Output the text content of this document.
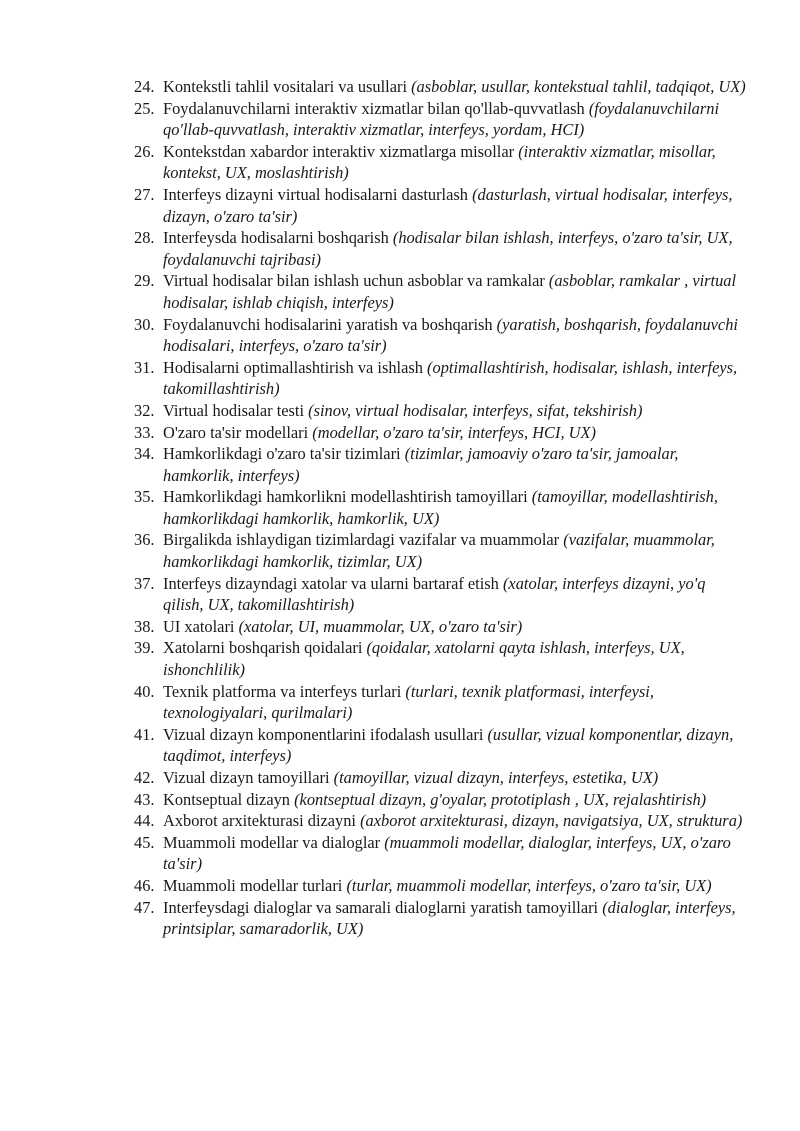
24. Kontekstli tahlil vositalari va usullari (asboblar, usullar, kontekstual tahlil, tadqiqot, UX)
25. Foydalanuvchilarni interaktiv xizmatlar bilan qo'llab-quvvatlash (foydalanuvchilarni qo'llab-quvvatlash, interaktiv xizmatlar, interfeys, yordam, HCI)
26. Kontekstdan xabardor interaktiv xizmatlarga misollar (interaktiv xizmatlar, misollar, kontekst, UX, moslashtirish)
27. Interfeys dizayni virtual hodisalarni dasturlash (dasturlash, virtual hodisalar, interfeys, dizayn, o'zaro ta'sir)
28. Interfeysda hodisalarni boshqarish (hodisalar bilan ishlash, interfeys, o'zaro ta'sir, UX, foydalanuvchi tajribasi)
29. Virtual hodisalar bilan ishlash uchun asboblar va ramkalar (asboblar, ramkalar , virtual hodisalar, ishlab chiqish, interfeys)
30. Foydalanuvchi hodisalarini yaratish va boshqarish (yaratish, boshqarish, foydalanuvchi hodisalari, interfeys, o'zaro ta'sir)
31. Hodisalarni optimallashtirish va ishlash (optimallashtirish, hodisalar, ishlash, interfeys, takomillashtirish)
32. Virtual hodisalar testi (sinov, virtual hodisalar, interfeys, sifat, tekshirish)
33. O'zaro ta'sir modellari (modellar, o'zaro ta'sir, interfeys, HCI, UX)
34. Hamkorlikdagi o'zaro ta'sir tizimlari (tizimlar, jamoaviy o'zaro ta'sir, jamoalar, hamkorlik, interfeys)
35. Hamkorlikdagi hamkorlikni modellashtirish tamoyillari (tamoyillar, modellashtirish, hamkorlikdagi hamkorlik, hamkorlik, UX)
36. Birgalikda ishlaydigan tizimlardagi vazifalar va muammolar (vazifalar, muammolar, hamkorlikdagi hamkorlik, tizimlar, UX)
37. Interfeys dizayndagi xatolar va ularni bartaraf etish (xatolar, interfeys dizayni, yo'q qilish, UX, takomillashtirish)
38. UI xatolari (xatolar, UI, muammolar, UX, o'zaro ta'sir)
39. Xatolarni boshqarish qoidalari (qoidalar, xatolarni qayta ishlash, interfeys, UX, ishonchlilik)
40. Texnik platforma va interfeys turlari (turlari, texnik platformasi, interfeysi, texnologiyalari, qurilmalari)
41. Vizual dizayn komponentlarini ifodalash usullari (usullar, vizual komponentlar, dizayn, taqdimot, interfeys)
42. Vizual dizayn tamoyillari (tamoyillar, vizual dizayn, interfeys, estetika, UX)
43. Kontseptual dizayn (kontseptual dizayn, g'oyalar, prototiplash , UX, rejalashtirish)
44. Axborot arxitekturasi dizayni (axborot arxitekturasi, dizayn, navigatsiya, UX, struktura)
45. Muammoli modellar va dialoglar (muammoli modellar, dialoglar, interfeys, UX, o'zaro ta'sir)
46. Muammoli modellar turlari (turlar, muammoli modellar, interfeys, o'zaro ta'sir, UX)
47. Interfeysdagi dialoglar va samarali dialoglarni yaratish tamoyillari (dialoglar, interfeys, printsiplar, samaradorlik, UX)
